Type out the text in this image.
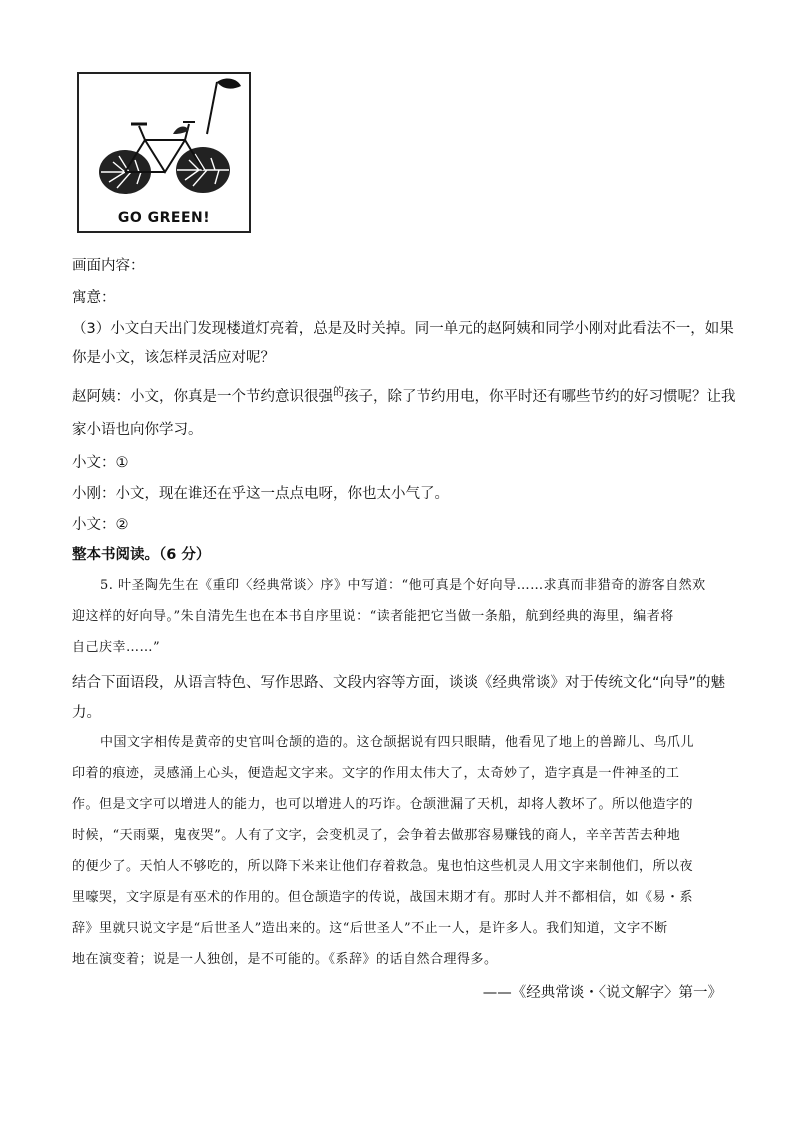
GO GREEN!
画面内容：
寓意：
（3）小文白天出门发现楼道灯亮着，总是及时关掉。同一单元的赵阿姨和同学小刚对此看法不一，如果
你是小文，该怎样灵活应对呢？
赵阿姨：小文，你真是一个节约意识很强的孩子，除了节约用电，你平时还有哪些节约的好习惯呢？让我
家小语也向你学习。
小文：①
小刚：小文，现在谁还在乎这一点点电呀，你也太小气了。
小文：②
整本书阅读。（6 分）
5. 叶圣陶先生在《重印〈经典常谈〉序》中写道：“他可真是个好向导……求真而非猎奇的游客自然欢
迎这样的好向导。”朱自清先生也在本书自序里说：“读者能把它当做一条船，航到经典的海里，编者将
自己庆幸……”
结合下面语段，从语言特色、写作思路、文段内容等方面，谈谈《经典常谈》对于传统文化“向导”的魅
力。
中国文字相传是黄帝的史官叫仓颉的造的。这仓颉据说有四只眼睛，他看见了地上的兽蹄儿、鸟爪儿
印着的痕迹，灵感涌上心头，便造起文字来。文字的作用太伟大了，太奇妙了，造字真是一件神圣的工
作。但是文字可以增进人的能力，也可以增进人的巧诈。仓颉泄漏了天机，却将人教坏了。所以他造字的
时候，“天雨粟，鬼夜哭”。人有了文字，会变机灵了，会争着去做那容易赚钱的商人，辛辛苦苦去种地
的便少了。天怕人不够吃的，所以降下米来让他们存着救急。鬼也怕这些机灵人用文字来制他们，所以夜
里嚎哭，文字原是有巫术的作用的。但仓颉造字的传说，战国末期才有。那时人并不都相信，如《易・系
辞》里就只说文字是“后世圣人”造出来的。这“后世圣人”不止一人，是许多人。我们知道，文字不断
地在演变着；说是一人独创，是不可能的。《系辞》的话自然合理得多。
——《经典常谈・〈说文解字〉第一》
